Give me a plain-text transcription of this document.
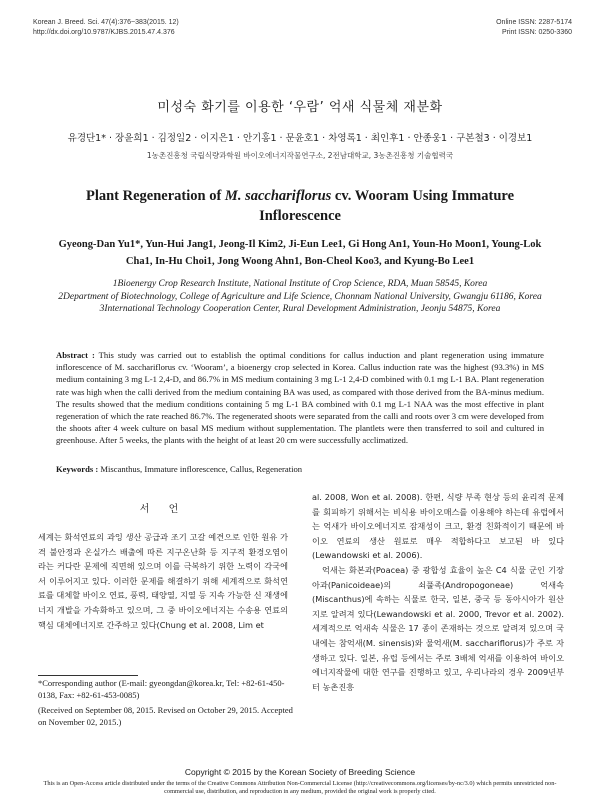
Korean J. Breed. Sci. 47(4):376~383(2015. 12)
http://dx.doi.org/10.9787/KJBS.2015.47.4.376
Online ISSN: 2287-5174
Print ISSN: 0250-3360
미성숙 화기를 이용한 ‘우람’ 억새 식물체 재분화
유경단1* · 장윤희1 · 김정일2 · 이지은1 · 안기홍1 · 문윤호1 · 차영록1 · 최인후1 · 안종웅1 · 구본철3 · 이경보1
1농촌진흥청 국립식량과학원 바이오에너지작물연구소, 2전남대학교, 3농촌진흥청 기술협력국
Plant Regeneration of M. sacchariflorus cv. Wooram Using Immature Inflorescence
Gyeong-Dan Yu1*, Yun-Hui Jang1, Jeong-Il Kim2, Ji-Eun Lee1, Gi Hong An1, Youn-Ho Moon1, Young-Lok Cha1, In-Hu Choi1, Jong Woong Ahn1, Bon-Cheol Koo3, and Kyung-Bo Lee1
1Bioenergy Crop Research Institute, National Institute of Crop Science, RDA, Muan 58545, Korea
2Department of Biotechnology, College of Agriculture and Life Science, Chonnam National University, Gwangju 61186, Korea
3International Technology Cooperation Center, Rural Development Administration, Jeonju 54875, Korea
Abstract : This study was carried out to establish the optimal conditions for callus induction and plant regeneration using immature inflorescence of M. sacchariflorus cv. ‘Wooram’, a bioenergy crop selected in Korea. Callus induction rate was the highest (93.3%) in MS medium containing 3 mg L-1 2,4-D, and 86.7% in MS medium containing 3 mg L-1 2,4-D combined with 0.1 mg L-1 BA. Plant regeneration rate was high when the calli derived from the medium containing BA was used, as compared with those derived from the BA-minus medium. The results showed that the medium conditions containing 5 mg L-1 BA combined with 0.1 mg L-1 NAA was the most effective in plant regeneration of which the rate reached 86.7%. The regenerated shoots were separated from the calli and roots over 3 cm were developed from the shoots after 4 week culture on basal MS medium without supplementation. The plantlets were then transferred to soil and cultured in greenhouse. After 5 weeks, the plants with the height of at least 20 cm were successfully acclimatized.
Keywords : Miscanthus, Immature inflorescence, Callus, Regeneration
서 언

세계는 화석연료의 과잉 생산 공급과 조기 고갈 예견으로 인한 원유 가격 불안정과 온실가스 배출에 따른 지구온난화 등 지구적 환경오염이라는 커다란 문제에 직면해 있으며 이를 극복하기 위한 노력이 각국에서 이루어지고 있다. 이러한 문제를 해결하기 위해 세계적으로 화석연료를 대체할 바이오 연료, 풍력, 태양열, 지열 등 지속 가능한 신 재생에너지 개발을 가속화하고 있으며, 그 중 바이오에너지는 수송용 연료의 핵심 대체에너지로 간주하고 있다(Chung et al. 2008, Lim et

al. 2008, Won et al. 2008). 한편, 식량 부족 현상 등의 윤리적 문제를 회피하기 위해서는 비식용 바이오매스를 이용해야 하는데 유럽에서는 억새가 바이오에너지로 잠재성이 크고, 환경 친화적이기 때문에 바이오 연료의 생산 원료로 매우 적합하다고 보고된 바 있다(Lewandowski et al. 2006).

억새는 화본과(Poacea) 중 광합성 효율이 높은 C4 식물 군인 기장아과(Panicoideae)의 쇠풀족(Andropogoneae) 억새속(Miscanthus)에 속하는 식물로 한국, 일본, 중국 등 동아시아가 원산지로 알려져 있다(Lewandowski et al. 2000, Trevor et al. 2002). 세계적으로 억새속 식물은 17 종이 존재하는 것으로 알려져 있으며 국내에는 참억새(M. sinensis)와 물억새(M. sacchariflorus)가 주로 자생하고 있다. 일본, 유럽 등에서는 주로 3배체 억새를 이용하여 바이오에너지작물에 대한 연구를 진행하고 있고, 우리나라의 경우 2009년부터 농촌진흥

*Corresponding author (E-mail: gyeongdan@korea.kr, Tel: +82-61-450-0138, Fax: +82-61-453-0085)
(Received on September 08, 2015. Revised on October 29, 2015. Accepted on November 02, 2015.)
Copyright © 2015 by the Korean Society of Breeding Science
This is an Open-Access article distributed under the terms of the Creative Commons Attribution Non-Commercial License (http://creativecommons.org/licenses/by-nc/3.0) which permits unrestricted non-commercial use, distribution, and reproduction in any medium, provided the original work is properly cited.
